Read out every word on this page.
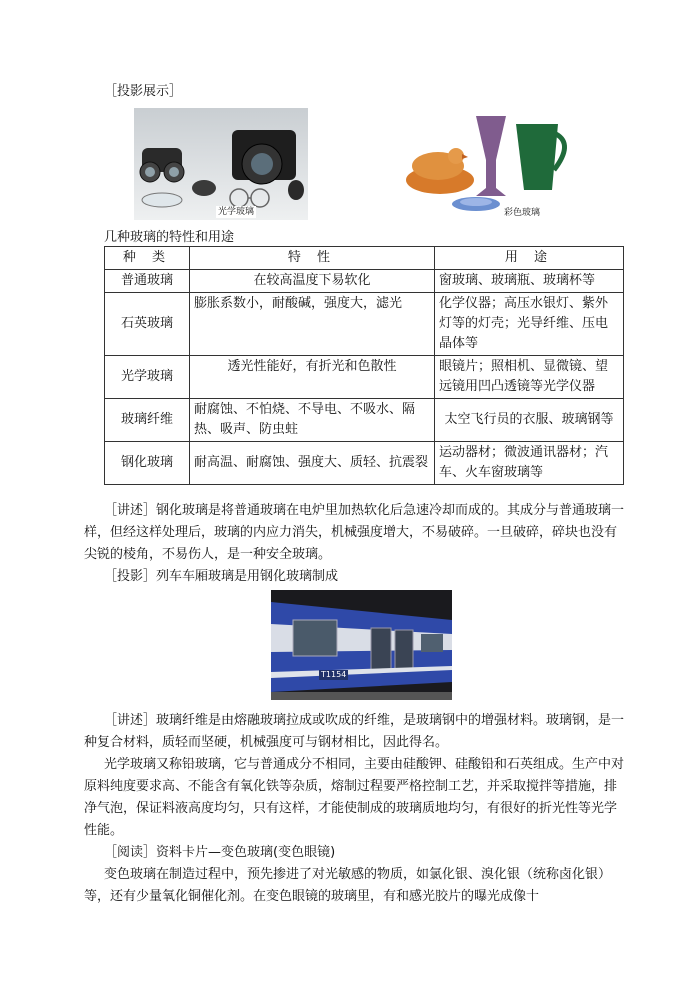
［投影展示］
光学玻璃	彩色玻璃
几种玻璃的特性和用途
种 类	特 性	用 途
普通玻璃	在较高温度下易软化	窗玻璃、玻璃瓶、玻璃杯等
石英玻璃	膨胀系数小，耐酸碱，强度大，滤光	化学仪器；高压水银灯、紫外灯等的灯壳；光导纤维、压电晶体等
光学玻璃	透光性能好，有折光和色散性	眼镜片；照相机、显微镜、望远镜用凹凸透镜等光学仪器
玻璃纤维	耐腐蚀、不怕烧、不导电、不吸水、隔热、吸声、防虫蛀	太空飞行员的衣服、玻璃钢等
钢化玻璃	耐高温、耐腐蚀、强度大、质轻、抗震裂	运动器材；微波通讯器材；汽车、火车窗玻璃等
［讲述］钢化玻璃是将普通玻璃在电炉里加热软化后急速冷却而成的。其成分与普通玻璃一样，但经这样处理后，玻璃的内应力消失，机械强度增大，不易破碎。一旦破碎，碎块也没有尖锐的棱角，不易伤人，是一种安全玻璃。
［投影］列车车厢玻璃是用钢化玻璃制成
T1154
［讲述］玻璃纤维是由熔融玻璃拉成或吹成的纤维，是玻璃钢中的增强材料。玻璃钢，是一种复合材料，质轻而坚硬，机械强度可与钢材相比，因此得名。
光学玻璃又称铅玻璃，它与普通成分不相同，主要由硅酸钾、硅酸铅和石英组成。生产中对原料纯度要求高、不能含有氧化铁等杂质，熔制过程要严格控制工艺，并采取搅拌等措施，排净气泡，保证料液高度均匀，只有这样，才能使制成的玻璃质地均匀，有很好的折光性等光学性能。
［阅读］资料卡片—变色玻璃(变色眼镜)
变色玻璃在制造过程中，预先掺进了对光敏感的物质，如氯化银、溴化银（统称卤化银）等，还有少量氧化铜催化剂。在变色眼镜的玻璃里，有和感光胶片的曝光成像十
